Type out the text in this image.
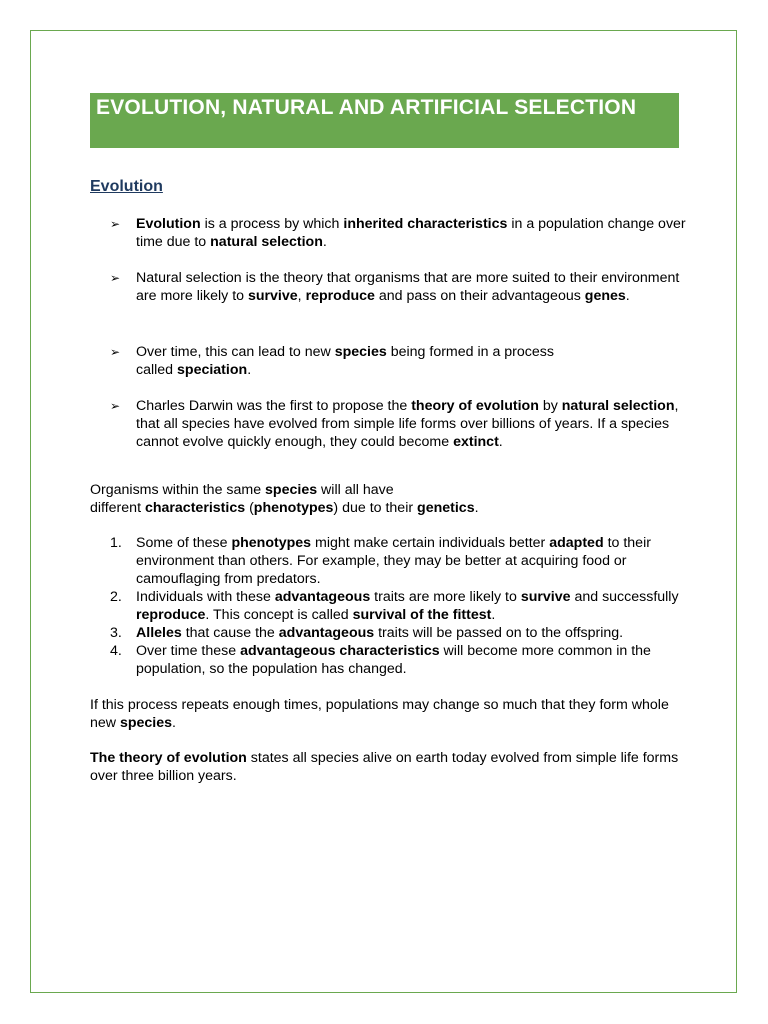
EVOLUTION, NATURAL AND ARTIFICIAL SELECTION
Evolution
➢ Evolution is a process by which inherited characteristics in a population change over time due to natural selection.
➢ Natural selection is the theory that organisms that are more suited to their environment are more likely to survive, reproduce and pass on their advantageous genes.
➢ Over time, this can lead to new species being formed in a process
called speciation.
➢ Charles Darwin was the first to propose the theory of evolution by natural selection, that all species have evolved from simple life forms over billions of years. If a species cannot evolve quickly enough, they could become extinct.
Organisms within the same species will all have
different characteristics (phenotypes) due to their genetics.
1. Some of these phenotypes might make certain individuals better adapted to their environment than others. For example, they may be better at acquiring food or camouflaging from predators.
2. Individuals with these advantageous traits are more likely to survive and successfully reproduce. This concept is called survival of the fittest.
3. Alleles that cause the advantageous traits will be passed on to the offspring.
4. Over time these advantageous characteristics will become more common in the population, so the population has changed.
If this process repeats enough times, populations may change so much that they form whole new species.
The theory of evolution states all species alive on earth today evolved from simple life forms over three billion years.
